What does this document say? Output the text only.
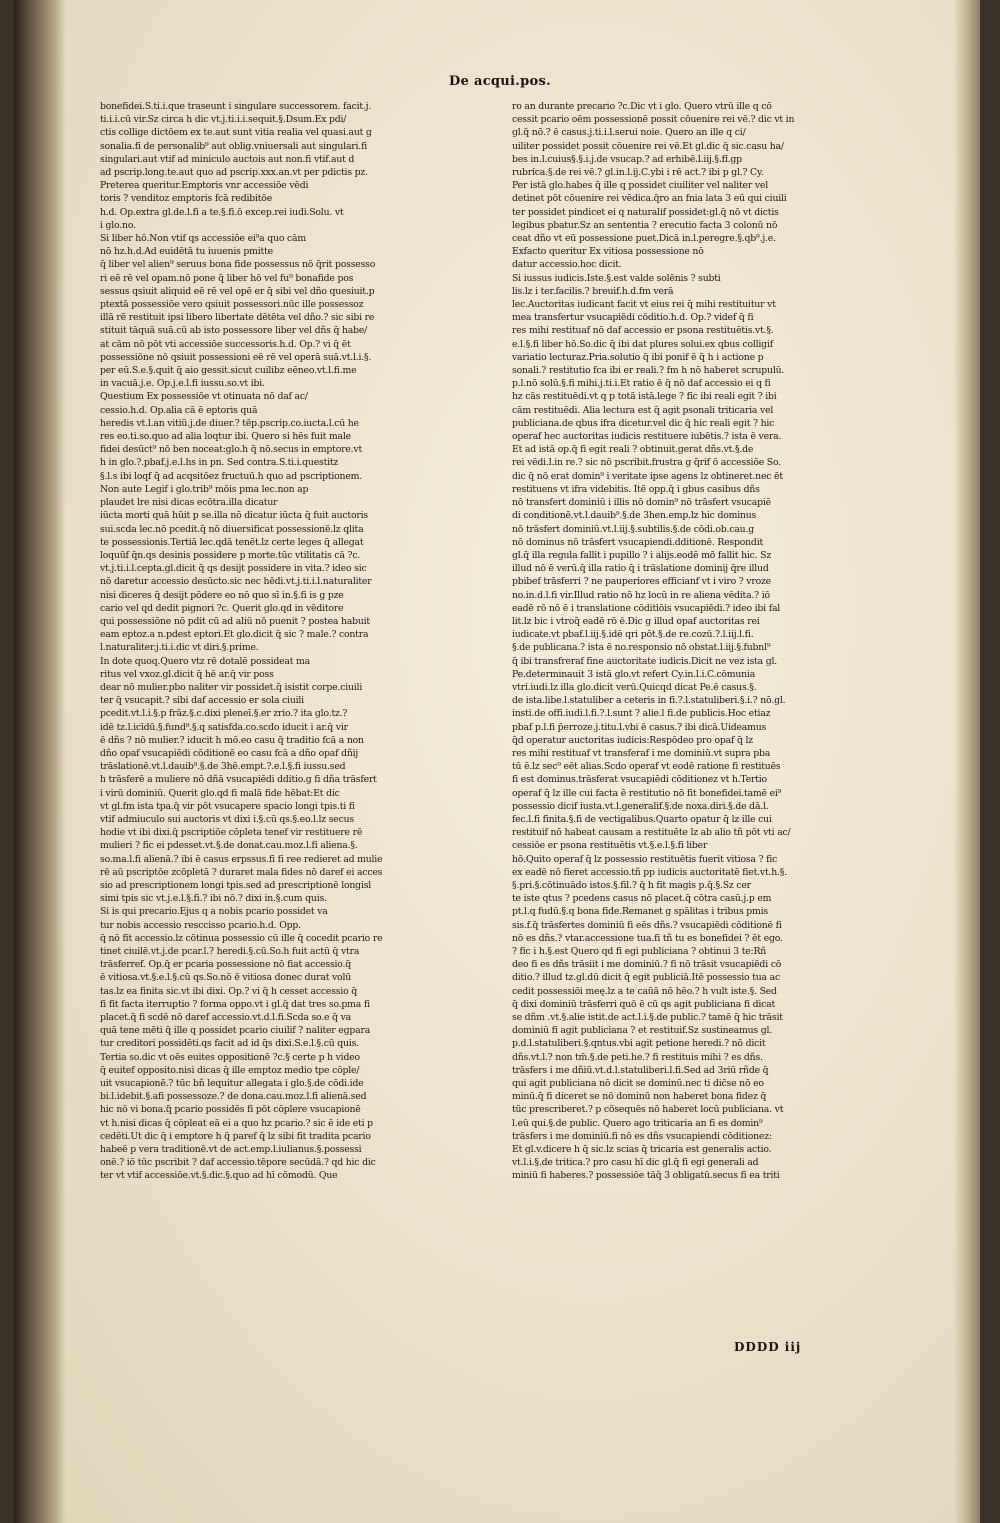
De acqui.pos.
bonefidei.S.ti.i.que traseunt i singulare successorem. facit.j.
ti.i.i.cū vir.Sz circa h dic vt.j.ti.i.i.sequit.§.Dsum.Ex pdi/
ctis collige dictōem ex te.aut sunt vitia realia vel quasi.aut g
sonalia.fi de personalib⁹ aut oblig.vniuersali aut singulari.fi
singulari.aut vtif ad miniculo auctois aut non.fi vtif.aut d
ad pscrip.long.te.aut quo ad pscrip.xxx.an.vt per pdictis pz.
Preterea queritur.Emptoris vnr accessiōe vēdi
toris ? venditoz emptoris fcā redibitōe
h.d. Op.extra gl.de.l.fi a te.§.fi.ō excep.rei iudi.Solu. vt
i glo.no.
Si liber hō.Non vtif qs accessiōe ei⁹a quo cām
nō hz.h.d.Ad euidētā tu iuuenis pmitte
q̄ liber vel alien⁹ seruus bona fide possessus nō q̄rit possesso
ri eē rē vel opam.nō pone q̄ liber hō vel fu⁹ bonafide pos
sessus qsiuit aliquid eē rē vel opē er q̄ sibi vel dño quesiuit.p
ptextā possessiōe vero qsiuit possessori.nūc ille possessoz
illā rē restituit ipsi libero libertate dētēta vel dño.? sic sibi re
stituit tāquā suā.cū ab isto possessore liber vel dñs q̄ habe/
at cām nō pōt vti accessiōe successoris.h.d. Op.? vi q̄ ēt
possessiōne nō qsiuit possessioni eē rē vel operā suā.vt.l.i.§.
per eū.S.e.§.quit q̄ aio gessit.sicut cuilibz eēneo.vt.l.fi.me
in vacuā.j.e. Op.j.e.l.fi iussu.so.vt ibi.
Questium Ex possessiōe vt otinuata nō daf ac/
cessio.h.d. Op.alia cā ē eptoris quā
heredis vt.l.an vitiū.j.de diuer.? tēp.pscrip.co.iucta.l.cū he
res eo.ti.so.quo ad alia loqtur ibi. Quero si hēs fuit male
fidei desūct⁹ nō ben noceat:glo.h q̄ nō.secus in emptore.vt
h in glo.?.pbaf.j.e.l.hs in pn. Sed contra.S.ti.i.questitz
§.l.s ibi loqf q̄ ad acqsitōez fructuū.h quo ad pscriptionem.
Non aute Legif i glo.trib⁹ mōis pma lec.non ap
plaudet lre nisi dicas ecōtra.illa dicatur
iūcta morti quā hūit p se.illa nō dicatur iūcta q̄ fuit auctoris
sui.scda lec.nō pcedit.q̄ nō diuersificat possessionē.lz qlita
te possessionis.Tertiā lec.qdā tenēt.lz certe leges q̄ allegat
loquūf q̄n.qs desinis possidere p morte.tūc vtilitatis cā ?c.
vt.j.ti.i.l.cepta.gl.dicit q̄ qs desijt possidere in vita.? ideo sic
nō daretur accessio desūcto.sic nec hēdi.vt.j.ti.i.l.naturaliter
nisi diceres q̄ desijt pōdere eo nō quo sī in.§.fi is g pze
cario vel qd dedit pignori ?c. Querit glo.qd in vēditore
qui possessiōne nō pdit cū ad aliū nō puenit ? postea habuit
eam eptoz.a n.pdest eptori.Et glo.dicit q̄ sic ? male.? contra
l.naturaliter.j.ti.i.dic vt diri.§.prime.
In dote quoq.Quero vtz rē dotalē possideat ma
ritus vel vxoz.gl.dicit q̄ hē ar.q̄ vir poss
dear nō mulier.pbo naliter vir possidet.q̄ isistit corpe.ciuili
ter q̄ vsucapit.? sibi daf accessio er sola ciuili
pcedit.vt.l.i.§.p frāz.§.c.dixi pleneī.§.er zrio.? ita glo.tz.?
idē tz.l.icīdū.§.fund⁹.§.q satisfda.co.scdo iducit i ar.q̄ vir
ē dñs ? nō mulier.? iducit h mō.eo casu q̄ traditio fcā a non
dño opaf vsucapiēdi cōditionē eo casu fcā a dño opaf dñij
trāslationē.vt.l.dauib⁹.§.de 3hē.empt.?.e.l.§.fi iussu.sed
h trāsferē a muliere nō dñā vsucapiēdi dditio.g fi dña trāsfert
i virū dominiū. Querit glo.qd fi malā fide hēbat:Et dic
vt gl.fm ista tpa.q̄ vir pōt vsucapere spacio longi tpis.ti fi
vtif admiuculo sui auctoris vt dixi i.§.cū qs.§.eo.l.lz secus
hodie vt ibi dixi.q̄ pscriptiōe cōpleta tenef vir restituere rē
mulieri ? fic ei pdesset.vt.§.de donat.cau.moz.l.fi aliena.§.
so.ma.l.fi alienā.? ibi ē casus erpssus.fi fi ree redieret ad mulie
rē aū pscriptōe zcōpletā ? duraret mala fides nō daref ei acces
sio ad prescriptionem longi tpis.sed ad prescriptionē longisl
simi tpis sic vt.j.e.l.§.fi.? ibi nō.? dixi in.§.cum quis.
Si is qui precario.Ejus q a nobis pcario possidet va
tur nobis accessio resccisso pcario.h.d. Opp.
q̄ nō fit accessio.lz cōtinua possessio cū ille q̄ cocedit pcario re
tinet ciuilē.vt.j.de pcar.l.? heredi.§.cū.So.h fuit actū q̄ vtra
trāsferref. Op.q̄ er pcaria possessione nō fiat accessio.q̄
ē vitiosa.vt.§.e.l.§.cū qs.So.nō ē vitiosa donec durat volū
tas.lz ea finita sic.vt ibi dixi. Op.? vi q̄ h cesset accessio q̄
fi fit facta iterruptio ? forma oppo.vt i gl.q̄ dat tres so.pma fi
placet.q̄ fi scdē nō daref accessio.vt.d.l.fi.Scda so.e q̄ va
quā tene mēti q̄ ille q possidet pcario ciuilif ? naliter egpara
tur creditori possidēti.qs facit ad id q̄s dixi.S.e.l.§.cū quis.
Tertia so.dic vt oēs euites oppositionē ?c.§ certe p h video
q̄ euitef opposito.nisi dicas q̄ ille emptoz medio tpe cōple/
uit vsucapionē.? tūc bñ lequitur allegata i glo.§.de cōdi.ide
bi.l.idebit.§.afi possessoze.? de dona.cau.moz.l.fi alienā.sed
hic nō vi bona.q̄ pcario possidēs fi pōt cōplere vsucapionē
vt h.nisi dicas q̄ cōpleat eā ei a quo hz pcario.? sic ē ide eti p
cedēti.Ut dic q̄ i emptore h q̄ paref q̄ lz sibi fit tradita pcario
habeē p vera traditionē.vt de act.emp.l.iulianus.§.possessi
onē.? iō tūc pscribit ? daf accessio.tēpore secūdā.? qd hic dic
ter vt vtif accessiōe.vt.§.dic.§.quo ad hī cōmodū. Que
ro an durante precario ?c.Dic vt i glo. Quero vtrū ille q cō
cessit pcario oēm possessionē possit cōuenire rei vē.? dic vt in
gl.q̄ nō.? ē casus.j.ti.i.l.serui noie. Quero an ille q ci/
uiliter possidet possit cōuenire rei vē.Et gl.dic q̄ sic.casu ha/
bes in.l.cuius§.§.i.j.de vsucap.? ad erhibē.l.iij.§.fi.gp
rubrica.§.de rei vē.? gl.in.l.ij.C.ybi i rē act.? ibi p gl.? Cy.
Per istā glo.habes q̄ ille q possidet ciuiliter vel naliter vel
detinet pōt cōuenire rei vēdica.q̄ro an fnia lata 3 eū qui ciuili
ter possidet pindicet ei q naturalif possidet:gl.q̄ nō vt dictis
legibus pbatur.Sz an sententia ? erecutio facta 3 colonū nō
ceat dño vt eū possessione puet.Dicā in.l.peregre.§.qb⁹.j.e.
Exfacto queritur Ex vitiosa possessione nō
datur accessio.hoc dicit.
Si iussus iudicis.Iste.§.est valde solēnis ? subti
lis.lz i ter.facilis.? breuif.h.d.fm verā
lec.Auctoritas iudicant facit vt eius rei q̄ mihi restituitur vt
mea transfertur vsucapiēdi cōditio.h.d. Op.? videf q̄ fi
res mihi restituaf nō daf accessio er psona restituētis.vt.§.
e.l.§.fi liber hō.So.dic q̄ ibi dat plures solui.ex qbus colligif
variatio lecturaz.Pria.solutio q̄ ibi ponif ē q̄ h i actione p
sonali.? restitutio fca ibi er reali.? fm h nō haberet scrupulū.
p.l.nō solū.§.fi mihi.j.ti.i.Et ratio ē q̄ nō daf accessio ei q fi
hz cās restituēdi.vt q p totā istā.lege ? fic ibi reali egit ? ibi
cām restituēdi. Alia lectura est q̄ agit psonali triticaria vel
publiciana.de qbus ifra dicetur.vel dic q̄ hic reali egit ? hic
operaf hec auctoritas iudicis restituere iubētis.? ista ē vera.
Et ad istā op.q̄ fi egit reali ? obtinuit.gerat dñs.vt.§.de
rei vēdi.l.in re.? sic nō pscribit.frustra g q̄rif ō accessiōe So.
dic q̄ nō erat domin⁹ i veritate ipse agens lz obtineret.nec ēt
restituens vt ifra videbitis. Itē opp.q̄ i gbus casibus dñs
nō transfert dominiū i illis nō domin⁹ nō trāsfert vsucapiē
di conditionē.vt.l.dauib⁹.§.de 3hen.emp.lz hic dominus
nō trāsfert dominiū.vt.l.iij.§.subtilis.§.de cōdi.ob.cau.g
nō dominus nō trāsfert vsucapiendi.dditionē. Respondit
gl.q̄ illa regula fallit i pupillo ? i alijs.eodē mō fallit hic. Sz
illud nō ē verū.q̄ illa ratio q̄ i trāslatione dominij q̄re illud
pbibef trāsferri ? ne pauperiores efficianf vt i viro ? vroze
no.in.d.l.fi vir.Illud ratio nō hz locū in re aliena vēdita.? iō
eadē rō nō ē i translatione cōditiōis vsucapiēdi.? ideo ibi fal
lit.lz bic i vtroq̄ eadē rō ē.Dic g illud opaf auctoritas rei
iudicate.vt pbaf.l.iij.§.idē qri pōt.§.de re.cozū.?.l.iij.l.fi.
§.de publicana.? ista ē no.responsio nō obstat.l.iij.§.fubnl⁹
q̄ ibi transfreraf fine auctoritate iudicis.Dicit ne vez ista gl.
Pe.determinauit 3 istā glo.vt refert Cy.in.l.i.C.cōmunia
vtri.iudi.lz illa glo.dicit verū.Quicqd dicat Pe.ē casus.§.
de ista.libe.l.statuliber a ceteris in fi.?.l.statuliberi.§.i.? nō.gl.
insti.de offi.iudi.l.fi.?.l.sunt ? alie.l fi.de publicis.Hoc etiaz
pbaf p.l.fi p̄erroze.j.titu.l.vbi ē casus.? ibi dicā.Uideamus
q̄d operatur auctoritas iudicis:Respōdeo pro opaf q̄ lz
res mihi restituaf vt transferaf i me dominiū.vt supra pba
tū ē.lz sec⁹ eēt alias.Scdo operaf vt eodē ratione fi restituēs
fi est dominus.trāsferat vsucapiēdi cōditionez vt h.Tertio
operaf q̄ lz ille cui facta ē restitutio nō fit bonefidei.tamē ei⁹
possessio dicif iusta.vt.l.generalif.§.de noxa.diri.§.de dā.l.
fec.l.fi finita.§.fi de vectigalibus.Quarto opatur q̄ lz ille cui
restituif nō habeat causam a restituēte lz ab alio tñ pōt vti ac/
cessiōe er psona restituētis vt.§.e.l.§.fi liber
hō.Quito operaf q̄ lz possessio restituētis fuerit vitiosa ? fic
ex eadē nō fieret accessio.tñ pp iudicis auctoritatē fiet.vt.h.§.
§.pri.§.cōtinuādo istos.§.fil.? q̄ h fit magis p.q̄.§.Sz cer
te iste qtus ? pcedens casus nō placet.q̄ cōtra casū.j.p em
pt.l.q fudū.§.q bona fide.Remanet g spālitas i tribus pmis
sis.f.q̄ trāsfertes dominiū fi eēs dñs.? vsucapiēdi cōditionē fi
nō es dñs.? vtar.accessione tua.fi tñ tu es bonefidei ? ēt ego.
? fic i h.§.est Quero qd fi egi publiciana ? obtinui 3 te:Rñ
deo fi es dñs trāsiit i me dominiū.? fi nō trāsit vsucapiēdi cō
ditio.? illud tz.gl.dū dicit q̄ egit publiciā.Itē possessio tua ac
cedit possessiōi meę.lz a te caūā nō hēo.? h vult iste.§. Sed
q̄ dixi dominiū trāsferri quō ē cū qs agit publiciana fi dicat
se dñm .vt.§.alie istit.de act.l.i.§.de public.? tamē q̄ hic trāsit
dominiū fi agit publiciana ? et restituif.Sz sustineamus gl.
p.d.l.statuliberi.§.qntus.vbi agit petione heredi.? nō dicit
dñs.vt.l.? non tm̄.§.de peti.he.? fi restituis mihi ? es dñs.
trāsfers i me dñiū.vt.d.l.statuliberi.l.fi.Sed ad 3riū rñde q̄
qui agit publiciana nō dicit se dominū.nec ti dic̄se nō eo
minū.q̄ fi diceret se nō dominū non haberet bona fidez q̄
tūc prescriberet.? p cōsequēs nō haberet locū publiciana. vt
l.eū qui.§.de public. Quero ago triticaria an fi es domin⁹
trāsfers i me dominiū.fi nō es dñs vsucapiendi cōditionez:
Et gl.v.dicere h q̄ sic.lz scias q̄ tricaria est generalis actio.
vt.l.i.§.de tritica.? pro casu hī dic gl.q̄ fi egi generali ad
miniū fi haberes.? possessiōe tāq̄ 3 obligatū.secus fi ea triti
DDDD iij
